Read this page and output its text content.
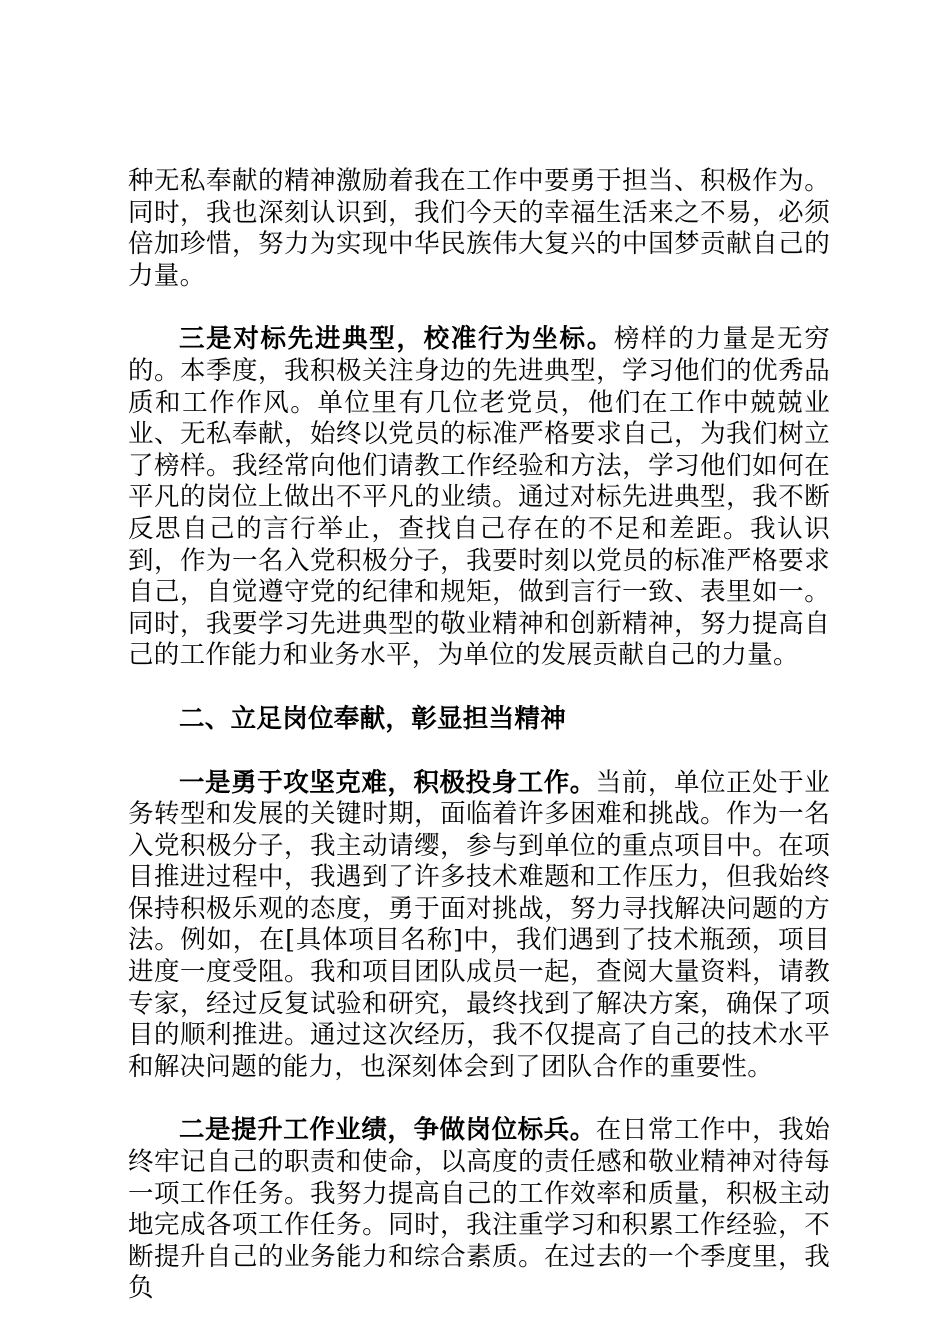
种无私奉献的精神激励着我在工作中要勇于担当、积极作为。同时，我也深刻认识到，我们今天的幸福生活来之不易，必须倍加珍惜，努力为实现中华民族伟大复兴的中国梦贡献自己的力量。

三是对标先进典型，校准行为坐标。榜样的力量是无穷的。本季度，我积极关注身边的先进典型，学习他们的优秀品质和工作作风。单位里有几位老党员，他们在工作中兢兢业业、无私奉献，始终以党员的标准严格要求自己，为我们树立了榜样。我经常向他们请教工作经验和方法，学习他们如何在平凡的岗位上做出不平凡的业绩。通过对标先进典型，我不断反思自己的言行举止，查找自己存在的不足和差距。我认识到，作为一名入党积极分子，我要时刻以党员的标准严格要求自己，自觉遵守党的纪律和规矩，做到言行一致、表里如一。同时，我要学习先进典型的敬业精神和创新精神，努力提高自己的工作能力和业务水平，为单位的发展贡献自己的力量。

二、立足岗位奉献，彰显担当精神

一是勇于攻坚克难，积极投身工作。当前，单位正处于业务转型和发展的关键时期，面临着许多困难和挑战。作为一名入党积极分子，我主动请缨，参与到单位的重点项目中。在项目推进过程中，我遇到了许多技术难题和工作压力，但我始终保持积极乐观的态度，勇于面对挑战，努力寻找解决问题的方法。例如，在[具体项目名称]中，我们遇到了技术瓶颈，项目进度一度受阻。我和项目团队成员一起，查阅大量资料，请教专家，经过反复试验和研究，最终找到了解决方案，确保了项目的顺利推进。通过这次经历，我不仅提高了自己的技术水平和解决问题的能力，也深刻体会到了团队合作的重要性。

二是提升工作业绩，争做岗位标兵。在日常工作中，我始终牢记自己的职责和使命，以高度的责任感和敬业精神对待每一项工作任务。我努力提高自己的工作效率和质量，积极主动地完成各项工作任务。同时，我注重学习和积累工作经验，不断提升自己的业务能力和综合素质。在过去的一个季度里，我负
